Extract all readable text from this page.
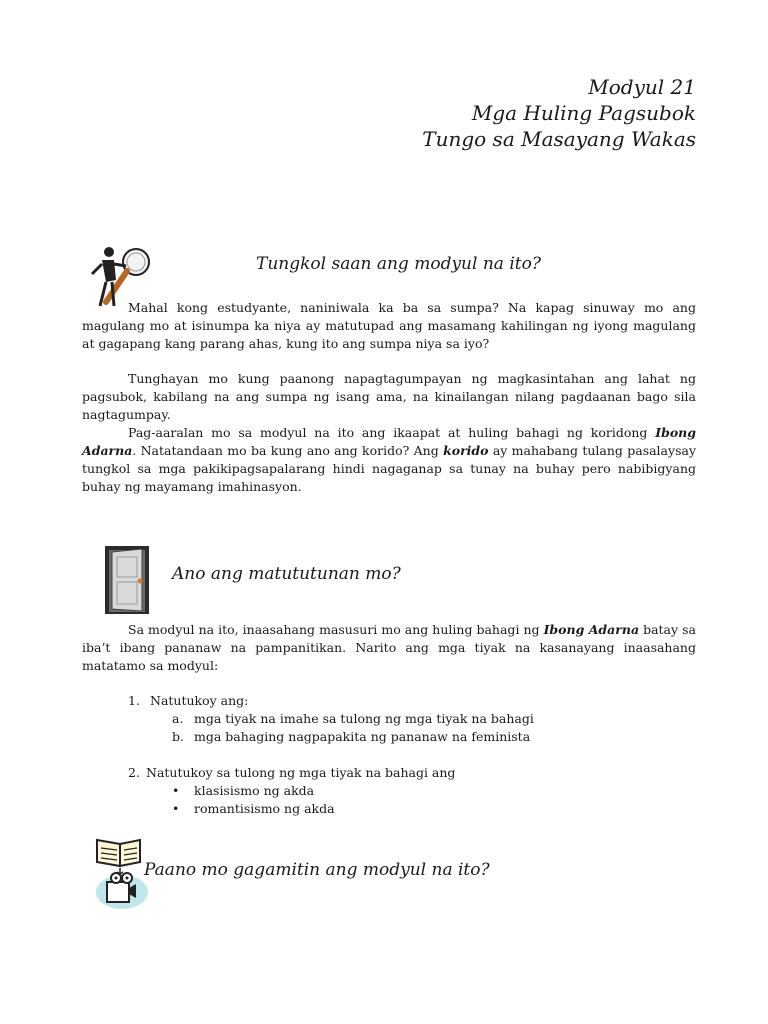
Modyul 21
Mga Huling Pagsubok
Tungo sa Masayang Wakas
Tungkol saan ang modyul na ito?
Mahal kong estudyante, naniniwala ka ba sa sumpa? Na kapag sinuway mo ang magulang mo at isinumpa ka niya ay matutupad ang masamang kahilingan ng iyong magulang at gagapang kang parang ahas, kung ito ang sumpa niya sa iyo?
Tunghayan mo kung paanong napagtagumpayan ng magkasintahan ang lahat ng pagsubok, kabilang na ang sumpa ng isang ama, na kinailangan nilang pagdaanan bago sila nagtagumpay.
Pag-aaralan mo sa modyul na ito ang ikaapat at huling bahagi ng koridong Ibong Adarna. Natatandaan mo ba kung ano ang korido? Ang korido ay mahabang tulang pasalaysay tungkol sa mga pakikipagsapalarang hindi nagaganap sa tunay na buhay pero nabibigyang buhay ng mayamang imahinasyon.
Ano ang matututunan mo?
Sa modyul na ito, inaasahang masusuri mo ang huling bahagi ng Ibong Adarna batay sa iba’t ibang pananaw na pampanitikan. Narito ang mga tiyak na kasanayang inaasahang matatamo sa modyul:
1. Natutukoy ang:
a. mga tiyak na imahe sa tulong ng mga tiyak na bahagi
b. mga bahaging nagpapakita ng pananaw na feminista
2. Natutukoy sa tulong ng mga tiyak na bahagi ang
• klasisismo ng akda
• romantisismo ng akda
Paano mo gagamitin ang modyul na ito?
